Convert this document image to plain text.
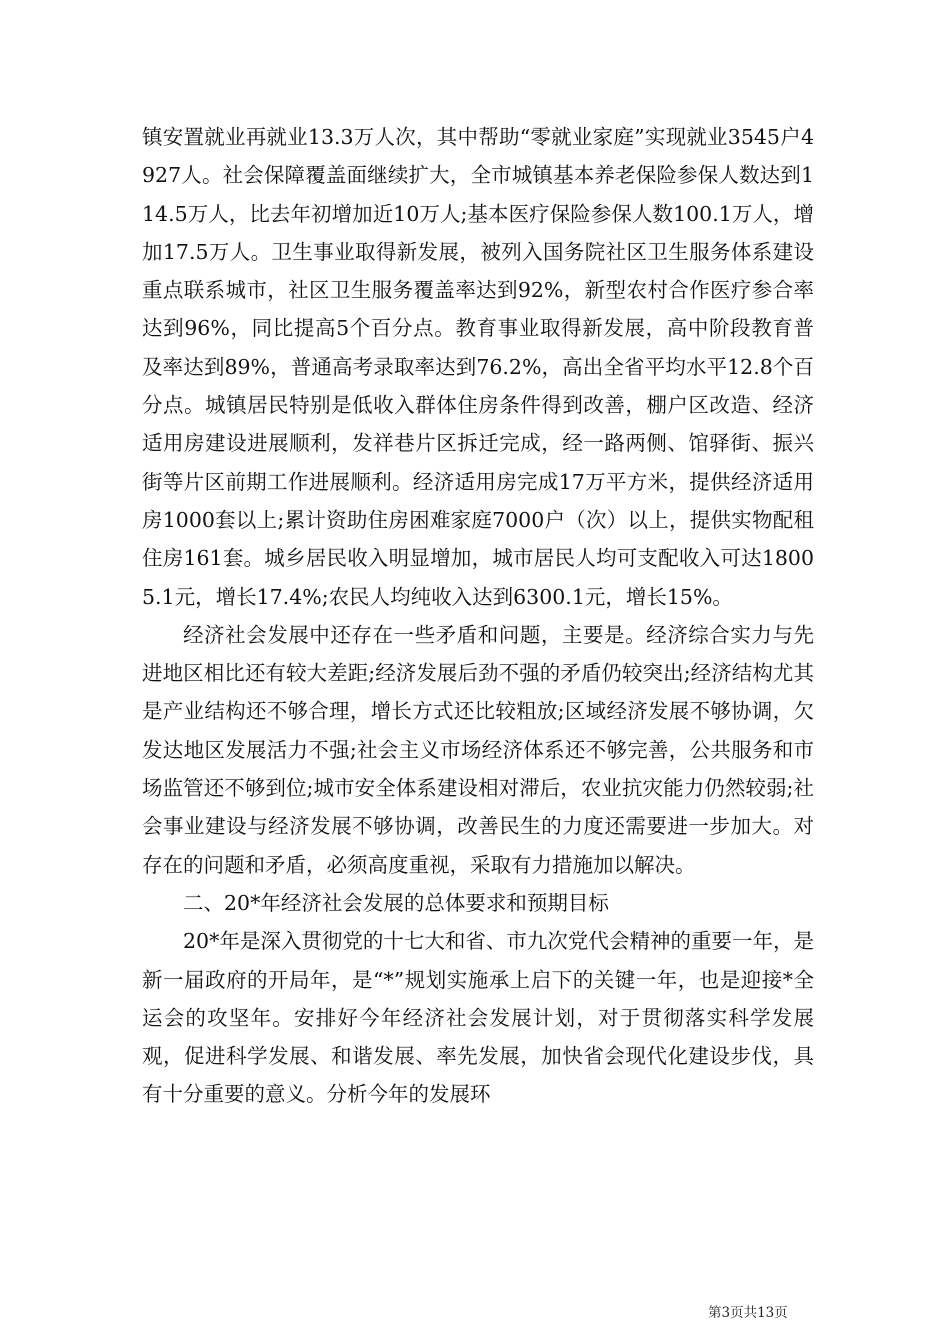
镇安置就业再就业13.3万人次，其中帮助“零就业家庭”实现就业3545户4927人。社会保障覆盖面继续扩大，全市城镇基本养老保险参保人数达到114.5万人，比去年初增加近10万人;基本医疗保险参保人数100.1万人，增加17.5万人。卫生事业取得新发展，被列入国务院社区卫生服务体系建设重点联系城市，社区卫生服务覆盖率达到92%，新型农村合作医疗参合率达到96%，同比提高5个百分点。教育事业取得新发展，高中阶段教育普及率达到89%，普通高考录取率达到76.2%，高出全省平均水平12.8个百分点。城镇居民特别是低收入群体住房条件得到改善，棚户区改造、经济适用房建设进展顺利，发祥巷片区拆迁完成，经一路两侧、馆驿街、振兴街等片区前期工作进展顺利。经济适用房完成17万平方米，提供经济适用房1000套以上;累计资助住房困难家庭7000户（次）以上，提供实物配租住房161套。城乡居民收入明显增加，城市居民人均可支配收入可达18005.1元，增长17.4%;农民人均纯收入达到6300.1元，增长15%。

经济社会发展中还存在一些矛盾和问题，主要是。经济综合实力与先进地区相比还有较大差距;经济发展后劲不强的矛盾仍较突出;经济结构尤其是产业结构还不够合理，增长方式还比较粗放;区域经济发展不够协调，欠发达地区发展活力不强;社会主义市场经济体系还不够完善，公共服务和市场监管还不够到位;城市安全体系建设相对滞后，农业抗灾能力仍然较弱;社会事业建设与经济发展不够协调，改善民生的力度还需要进一步加大。对存在的问题和矛盾，必须高度重视，采取有力措施加以解决。

二、20*年经济社会发展的总体要求和预期目标

20*年是深入贯彻党的十七大和省、市九次党代会精神的重要一年，是新一届政府的开局年，是“*”规划实施承上启下的关键一年，也是迎接*全运会的攻坚年。安排好今年经济社会发展计划，对于贯彻落实科学发展观，促进科学发展、和谐发展、率先发展，加快省会现代化建设步伐，具有十分重要的意义。分析今年的发展环

第3页共13页
